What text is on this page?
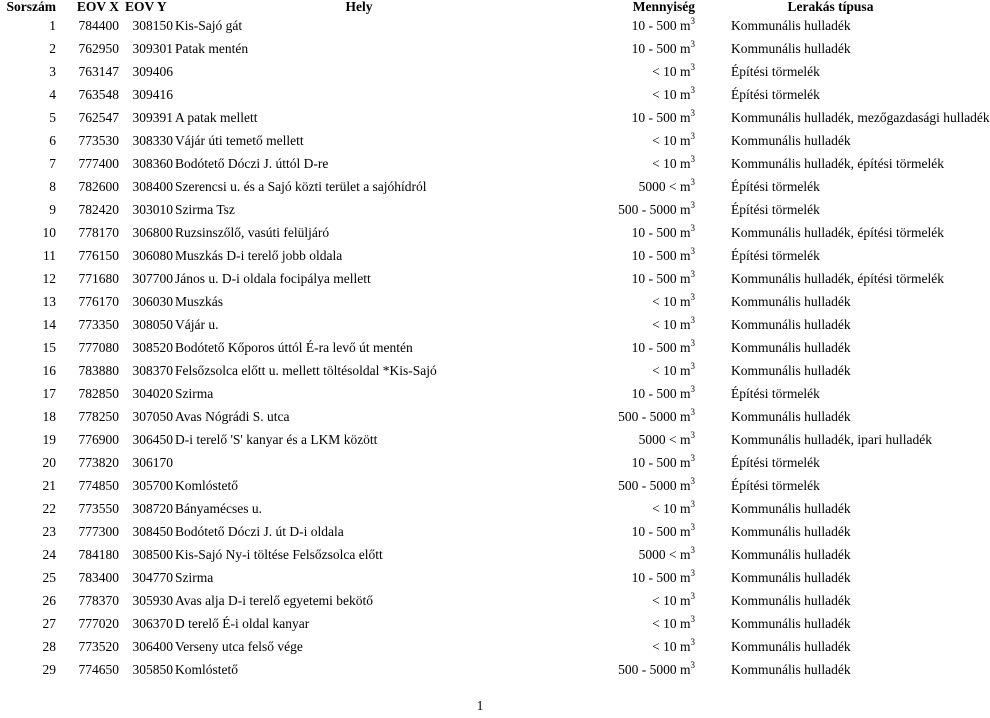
Sorszám	EOV X	EOV Y	Hely	Mennyiség	Lerakás típusa
1	784400	308150	Kis-Sajó gát	10 - 500 $m^3$	Kommunális hulladék
2	762950	309301	Patak mentén	10 - 500 $m^3$	Kommunális hulladék
3	763147	309406		< 10 $m^3$	Építési törmelék
4	763548	309416		< 10 $m^3$	Építési törmelék
5	762547	309391	A patak mellett	10 - 500 $m^3$	Kommunális hulladék, mezőgazdasági hulladék
6	773530	308330	Vájár úti temető mellett	< 10 $m^3$	Kommunális hulladék
7	777400	308360	Bodótető Dóczi J. úttól D-re	< 10 $m^3$	Kommunális hulladék, építési törmelék
8	782600	308400	Szerencsi u. és a Sajó közti terület a sajóhídról	$5000 < m^3$	Építési törmelék
9	782420	303010	Szirma Tsz	500 - 5000 $m^3$	Építési törmelék
10	778170	306800	Ruzsinszőlő, vasúti felüljáró	10 - 500 $m^3$	Kommunális hulladék, építési törmelék
11	776150	306080	Muszkás D-i terelő jobb oldala	10 - 500 $m^3$	Építési törmelék
12	771680	307700	János u. D-i oldala focipálya mellett	10 - 500 $m^3$	Kommunális hulladék, építési törmelék
13	776170	306030	Muszkás	< 10 $m^3$	Kommunális hulladék
14	773350	308050	Vájár u.	< 10 $m^3$	Kommunális hulladék
15	777080	308520	Bodótető Kőporos úttól É-ra levő út mentén	10 - 500 $m^3$	Kommunális hulladék
16	783880	308370	Felsőzsolca előtt u. mellett töltésoldal *Kis-Sajó	< 10 $m^3$	Kommunális hulladék
17	782850	304020	Szirma	10 - 500 $m^3$	Építési törmelék
18	778250	307050	Avas Nógrádi S. utca	500 - 5000 $m^3$	Kommunális hulladék
19	776900	306450	D-i terelő 'S' kanyar és a LKM között	$5000 < m^3$	Kommunális hulladék, ipari hulladék
20	773820	306170		10 - 500 $m^3$	Építési törmelék
21	774850	305700	Komlóstető	500 - 5000 $m^3$	Építési törmelék
22	773550	308720	Bányamécses u.	< 10 $m^3$	Kommunális hulladék
23	777300	308450	Bodótető Dóczi J. út D-i oldala	10 - 500 $m^3$	Kommunális hulladék
24	784180	308500	Kis-Sajó Ny-i töltése Felsőzsolca előtt	$5000 < m^3$	Kommunális hulladék
25	783400	304770	Szirma	10 - 500 $m^3$	Kommunális hulladék
26	778370	305930	Avas alja D-i terelő egyetemi bekötő	< 10 $m^3$	Kommunális hulladék
27	777020	306370	D terelő É-i oldal kanyar	< 10 $m^3$	Kommunális hulladék
28	773520	306400	Verseny utca felső vége	< 10 $m^3$	Kommunális hulladék
29	774650	305850	Komlóstető	500 - 5000 $m^3$	Kommunális hulladék
1
